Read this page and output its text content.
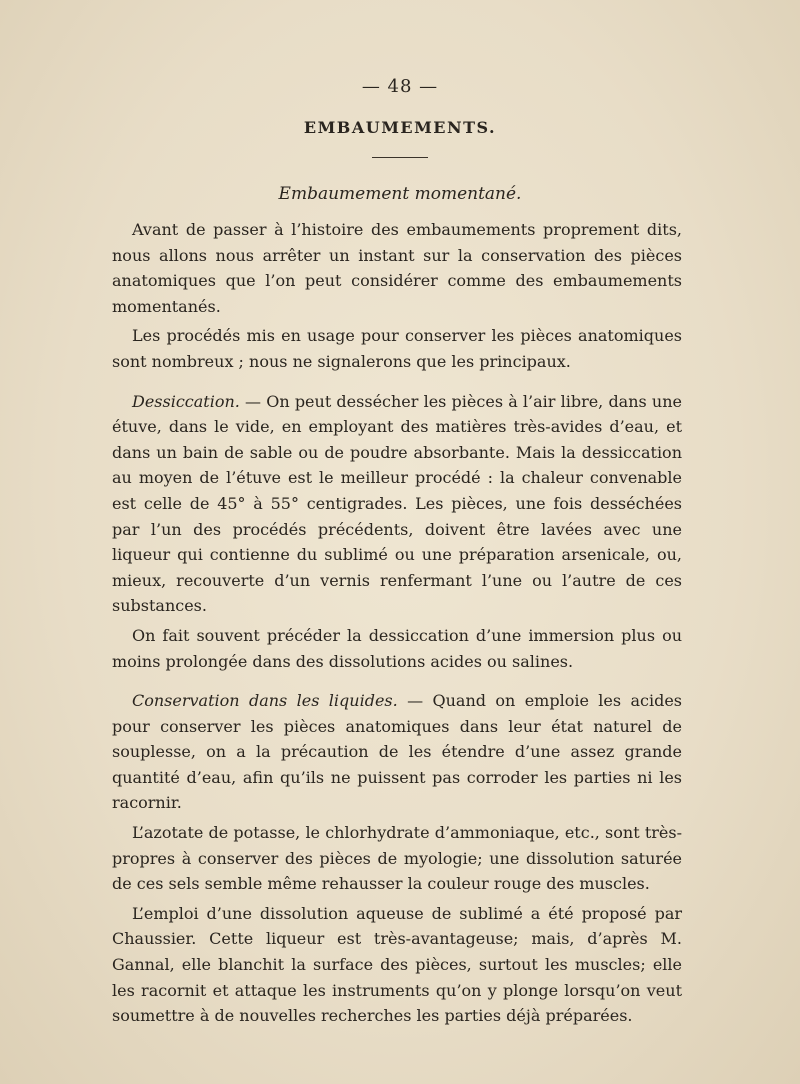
— 48 —
EMBAUMEMENTS.
Embaumement momentané.

Avant de passer à l’histoire des embaumements proprement dits, nous allons nous arrêter un instant sur la conservation des pièces anatomiques que l’on peut considérer comme des embaumements momentanés.

Les procédés mis en usage pour conserver les pièces anatomiques sont nombreux ; nous ne signalerons que les principaux.

Dessiccation. — On peut dessécher les pièces à l’air libre, dans une étuve, dans le vide, en employant des matières très-avides d’eau, et dans un bain de sable ou de poudre absorbante. Mais la dessiccation au moyen de l’étuve est le meilleur procédé : la chaleur convenable est celle de 45° à 55° centigrades. Les pièces, une fois desséchées par l’un des procédés précédents, doivent être lavées avec une liqueur qui contienne du sublimé ou une préparation arsenicale, ou, mieux, recouverte d’un vernis renfermant l’une ou l’autre de ces substances.

On fait souvent précéder la dessiccation d’une immersion plus ou moins prolongée dans des dissolutions acides ou salines.

Conservation dans les liquides. — Quand on emploie les acides pour conserver les pièces anatomiques dans leur état naturel de souplesse, on a la précaution de les étendre d’une assez grande quantité d’eau, afin qu’ils ne puissent pas corroder les parties ni les racornir.

L’azotate de potasse, le chlorhydrate d’ammoniaque, etc., sont très-propres à conserver des pièces de myologie; une dissolution saturée de ces sels semble même rehausser la couleur rouge des muscles.

L’emploi d’une dissolution aqueuse de sublimé a été proposé par Chaussier. Cette liqueur est très-avantageuse; mais, d’après M. Gannal, elle blanchit la surface des pièces, surtout les muscles; elle les racornit et attaque les instruments qu’on y plonge lorsqu’on veut soumettre à de nouvelles recherches les parties déjà préparées.
